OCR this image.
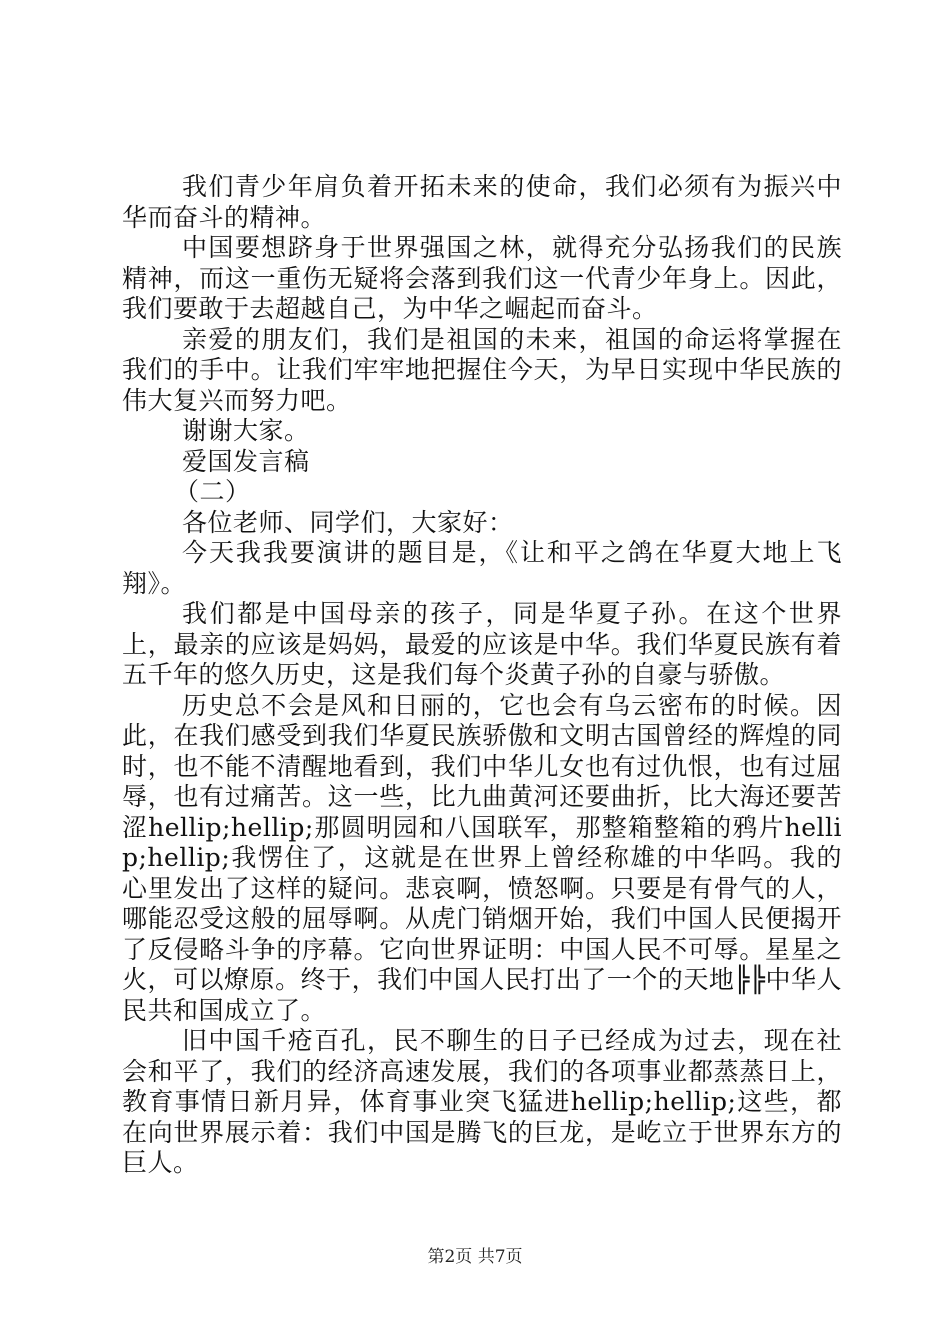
我们青少年肩负着开拓未来的使命，我们必须有为振兴中华而奋斗的精神。

中国要想跻身于世界强国之林，就得充分弘扬我们的民族精神，而这一重伤无疑将会落到我们这一代青少年身上。因此，我们要敢于去超越自己，为中华之崛起而奋斗。

亲爱的朋友们，我们是祖国的未来，祖国的命运将掌握在我们的手中。让我们牢牢地把握住今天，为早日实现中华民族的伟大复兴而努力吧。

谢谢大家。

爱国发言稿

（二）

各位老师、同学们，大家好：

今天我我要演讲的题目是，《让和平之鸽在华夏大地上飞翔》。

我们都是中国母亲的孩子，同是华夏子孙。在这个世界上，最亲的应该是妈妈，最爱的应该是中华。我们华夏民族有着五千年的悠久历史，这是我们每个炎黄子孙的自豪与骄傲。

历史总不会是风和日丽的，它也会有乌云密布的时候。因此，在我们感受到我们华夏民族骄傲和文明古国曾经的辉煌的同时，也不能不清醒地看到，我们中华儿女也有过仇恨，也有过屈辱，也有过痛苦。这一些，比九曲黄河还要曲折，比大海还要苦涩hellip;hellip;那圆明园和八国联军，那整箱整箱的鸦片hellip;hellip;我愣住了，这就是在世界上曾经称雄的中华吗。我的心里发出了这样的疑问。悲哀啊，愤怒啊。只要是有骨气的人，哪能忍受这般的屈辱啊。从虎门销烟开始，我们中国人民便揭开了反侵略斗争的序幕。它向世界证明：中国人民不可辱。星星之火，可以燎原。终于，我们中国人民打出了一个的天地╠╠中华人民共和国成立了。

旧中国千疮百孔，民不聊生的日子已经成为过去，现在社会和平了，我们的经济高速发展，我们的各项事业都蒸蒸日上，教育事情日新月异，体育事业突飞猛进hellip;hellip;这些，都在向世界展示着：我们中国是腾飞的巨龙，是屹立于世界东方的巨人。

第2页 共7页
